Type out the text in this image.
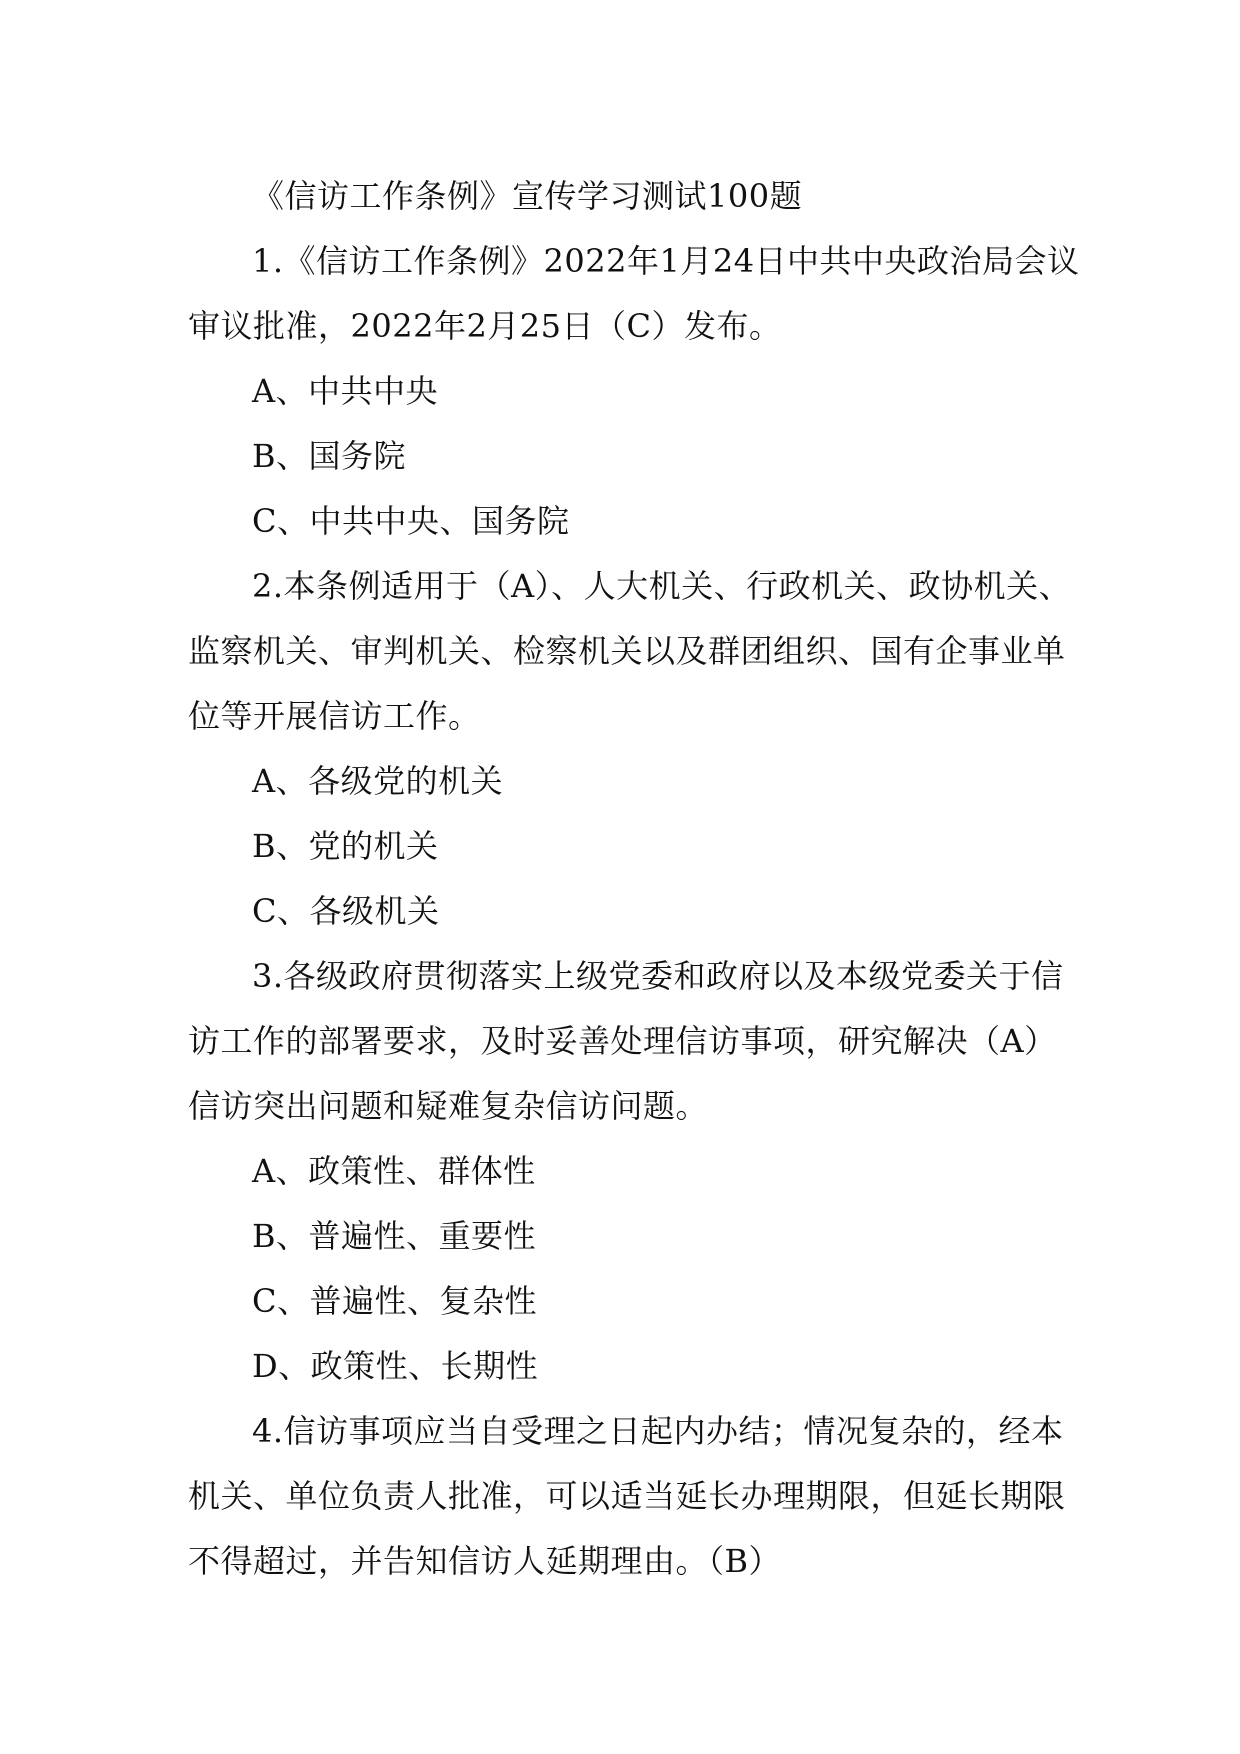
《信访工作条例》宣传学习测试100题
1.《信访工作条例》2022年1月24日中共中央政治局会议
审议批准，2022年2月25日（C）发布。
A、中共中央
B、国务院
C、中共中央、国务院
2.本条例适用于（A）、人大机关、行政机关、政协机关、
监察机关、审判机关、检察机关以及群团组织、国有企事业单
位等开展信访工作。
A、各级党的机关
B、党的机关
C、各级机关
3.各级政府贯彻落实上级党委和政府以及本级党委关于信
访工作的部署要求，及时妥善处理信访事项，研究解决（A）
信访突出问题和疑难复杂信访问题。
A、政策性、群体性
B、普遍性、重要性
C、普遍性、复杂性
D、政策性、长期性
4.信访事项应当自受理之日起内办结；情况复杂的，经本
机关、单位负责人批准，可以适当延长办理期限，但延长期限
不得超过，并告知信访人延期理由。（B）
